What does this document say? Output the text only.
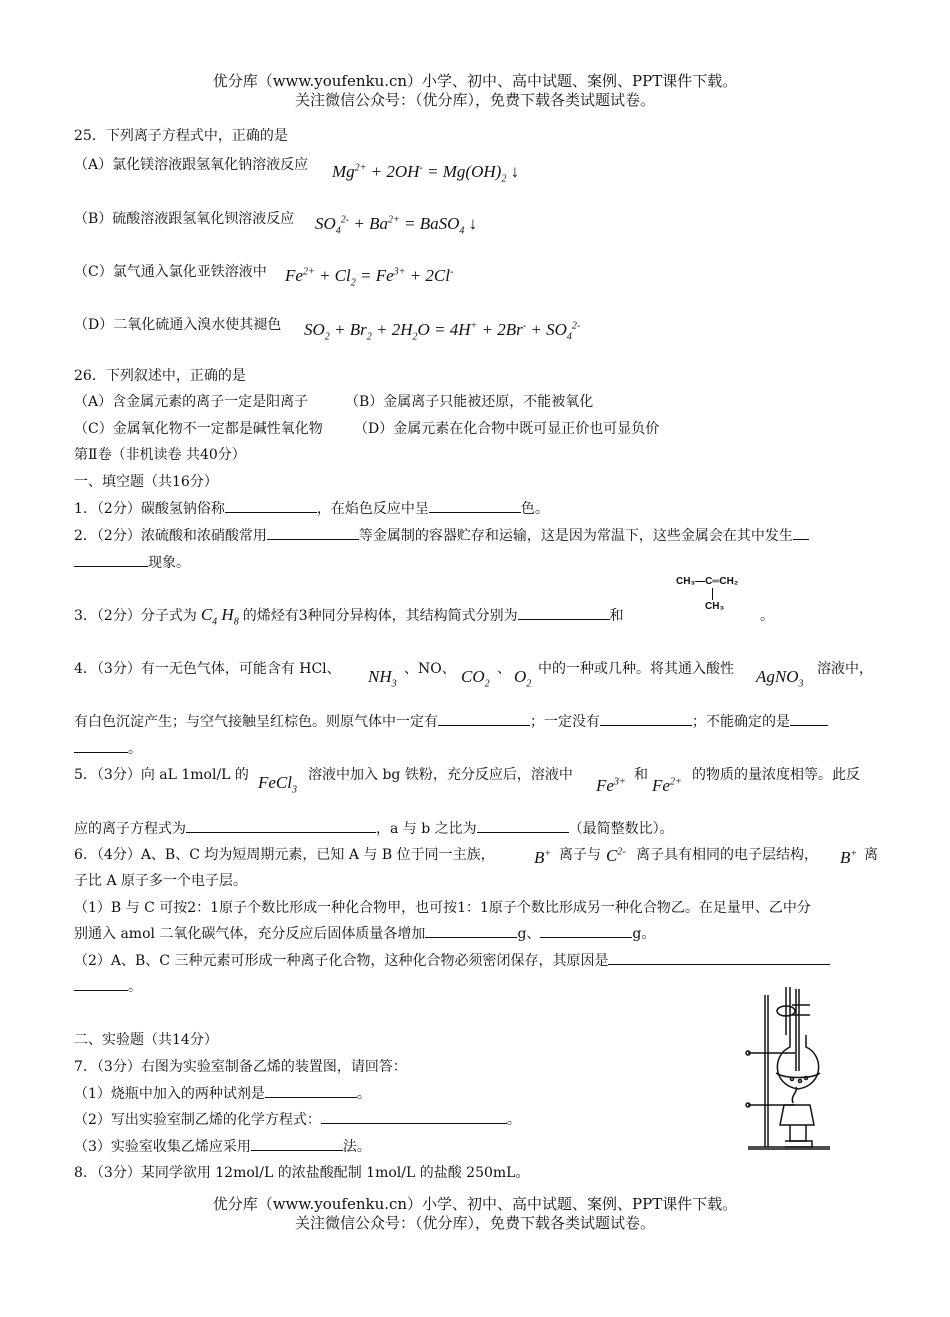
优分库（www.youfenku.cn）小学、初中、高中试题、案例、PPT课件下载。
关注微信公众号：（优分库），免费下载各类试题试卷。
25．下列离子方程式中，正确的是
（A）氯化镁溶液跟氢氧化钠溶液反应 $Mg^{2+} + 2OH^- = Mg(OH)_2$ ↓
（B）硫酸溶液跟氢氧化钡溶液反应 $SO_4^{2-} + Ba^{2+}$ = BaSO$_4$ ↓
（C）氯气通入氯化亚铁溶液中 $Fe^{2+} + Cl_2 = Fe^{3+} + 2Cl^-$
（D）二氧化硫通入溴水使其褪色 $SO_2 + Br_2 + 2H_2O = 4H^+ + 2Br^- + SO_4^{2-}$
26．下列叙述中，正确的是
（A）含金属元素的离子一定是阳离子	（B）金属离子只能被还原，不能被氧化
（C）金属氧化物不一定都是碱性氧化物 （D）金属元素在化合物中既可显正价也可显负价
第Ⅱ卷（非机读卷 共40分）
一、填空题（共16分）
1．（2分）碳酸氢钠俗称	，在焰色反应中呈	色。
2．（2分）浓硫酸和浓硝酸常用	等金属制的容器贮存和运输，这是因为常温下，这些金属会在其中发生
现象。
3．（2分）分子式为 $C_4$ $H_8$ 的烯烃有3种同分异构体，其结构简式分别为	和
CH₃—C═CH₂
CH₃
。
4．（3分）有一无色气体，可能含有 HCl、 $NH_3$
、NO、 $CO_2$
、 $O_2$
中的一种或几种。将其通入酸性 AgNO$_3$
溶液中，
有白色沉淀产生；与空气接触呈红棕色。则原气体中一定有	；一定没有	；不能确定的是
。
5．（3分）向 aL 1mol/L 的 FeCl$_3$
溶液中加入 bg 铁粉，充分反应后，溶液中
$Fe^{3+}$ 和
$Fe^{2+}$ 的物质的量浓度相等。此反
应的离子方程式为	，a 与 b 之比为	（最简整数比）。
6．（4分）A、B、C 均为短周期元素，已知 A 与 B 位于同一主族， B+ 离子与 $C^{2-}$ 离子具有相同的电子层结构， B+ 离
子比 A 原子多一个电子层。
（1）B 与 C 可按2：1原子个数比形成一种化合物甲，也可按1：1原子个数比形成另一种化合物乙。在足量甲、乙中分
别通入 amol 二氧化碳气体，充分反应后固体质量各增加	g、	g。
（2）A、B、C 三种元素可形成一种离子化合物，这种化合物必须密闭保存，其原因是
。
二、实验题（共14分）
7．（3分）右图为实验室制备乙烯的装置图，请回答：
（1）烧瓶中加入的两种试剂是	。
（2）写出实验室制乙烯的化学方程式：	。
（3）实验室收集乙烯应采用	法。
8．（3分）某同学欲用 12mol/L 的浓盐酸配制 1mol/L 的盐酸 250mL。
优分库（www.youfenku.cn）小学、初中、高中试题、案例、PPT课件下载。
关注微信公众号：（优分库），免费下载各类试题试卷。
